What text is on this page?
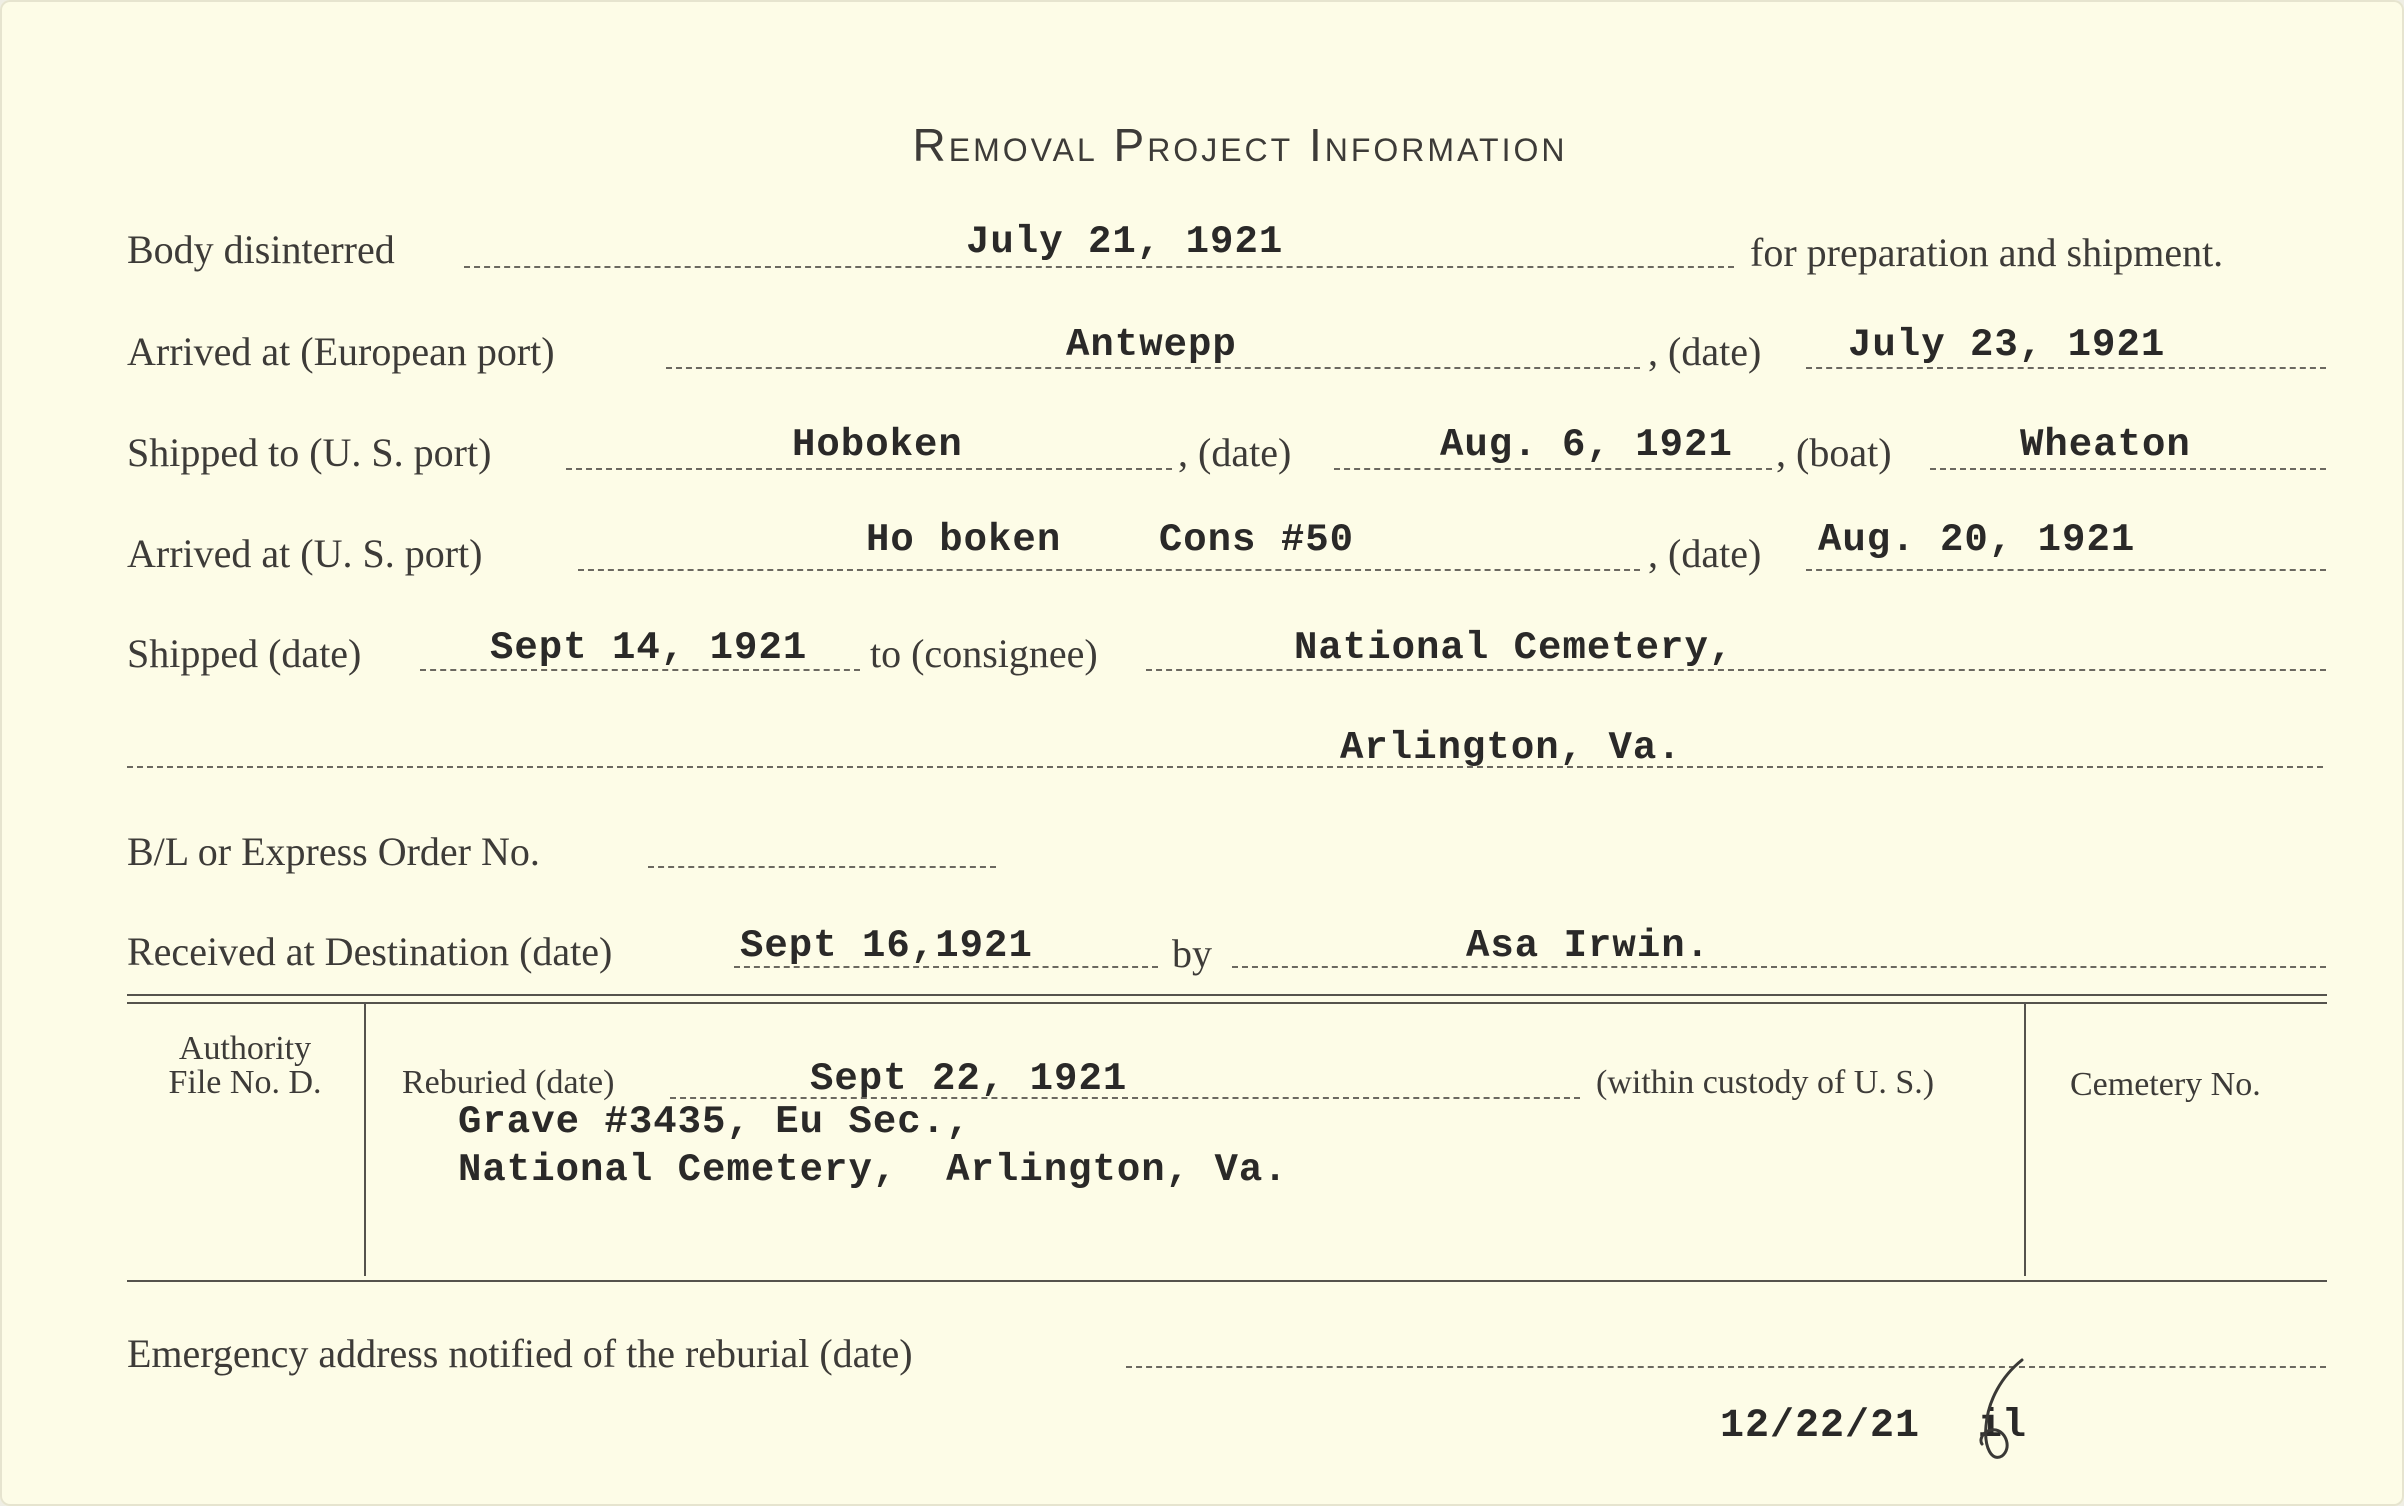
Removal Project Information
Body disinterred	July 21, 1921	for preparation and shipment.
Arrived at (European port)	Antwepp	, (date) July 23, 1921
Shipped to (U. S. port)	Hoboken	, (date)	Aug. 6, 1921 , (boat)	Wheaton
Arrived at (U. S. port)	Ho boken    Cons #50	, (date) Aug. 20, 1921
Shipped (date)	Sept 14, 1921 to (consignee)	National Cemetery,
Arlington, Va.
B/L or Express Order No.
Received at Destination (date)	Sept 16,1921	by	Asa Irwin.
Authority
File No. D.	Reburied (date)	Sept 22, 1921	(within custody of U. S.)
Grave #3435, Eu Sec.,
National Cemetery,  Arlington, Va.
Cemetery No.
Emergency address notified of the reburial (date)
12/22/21 il
